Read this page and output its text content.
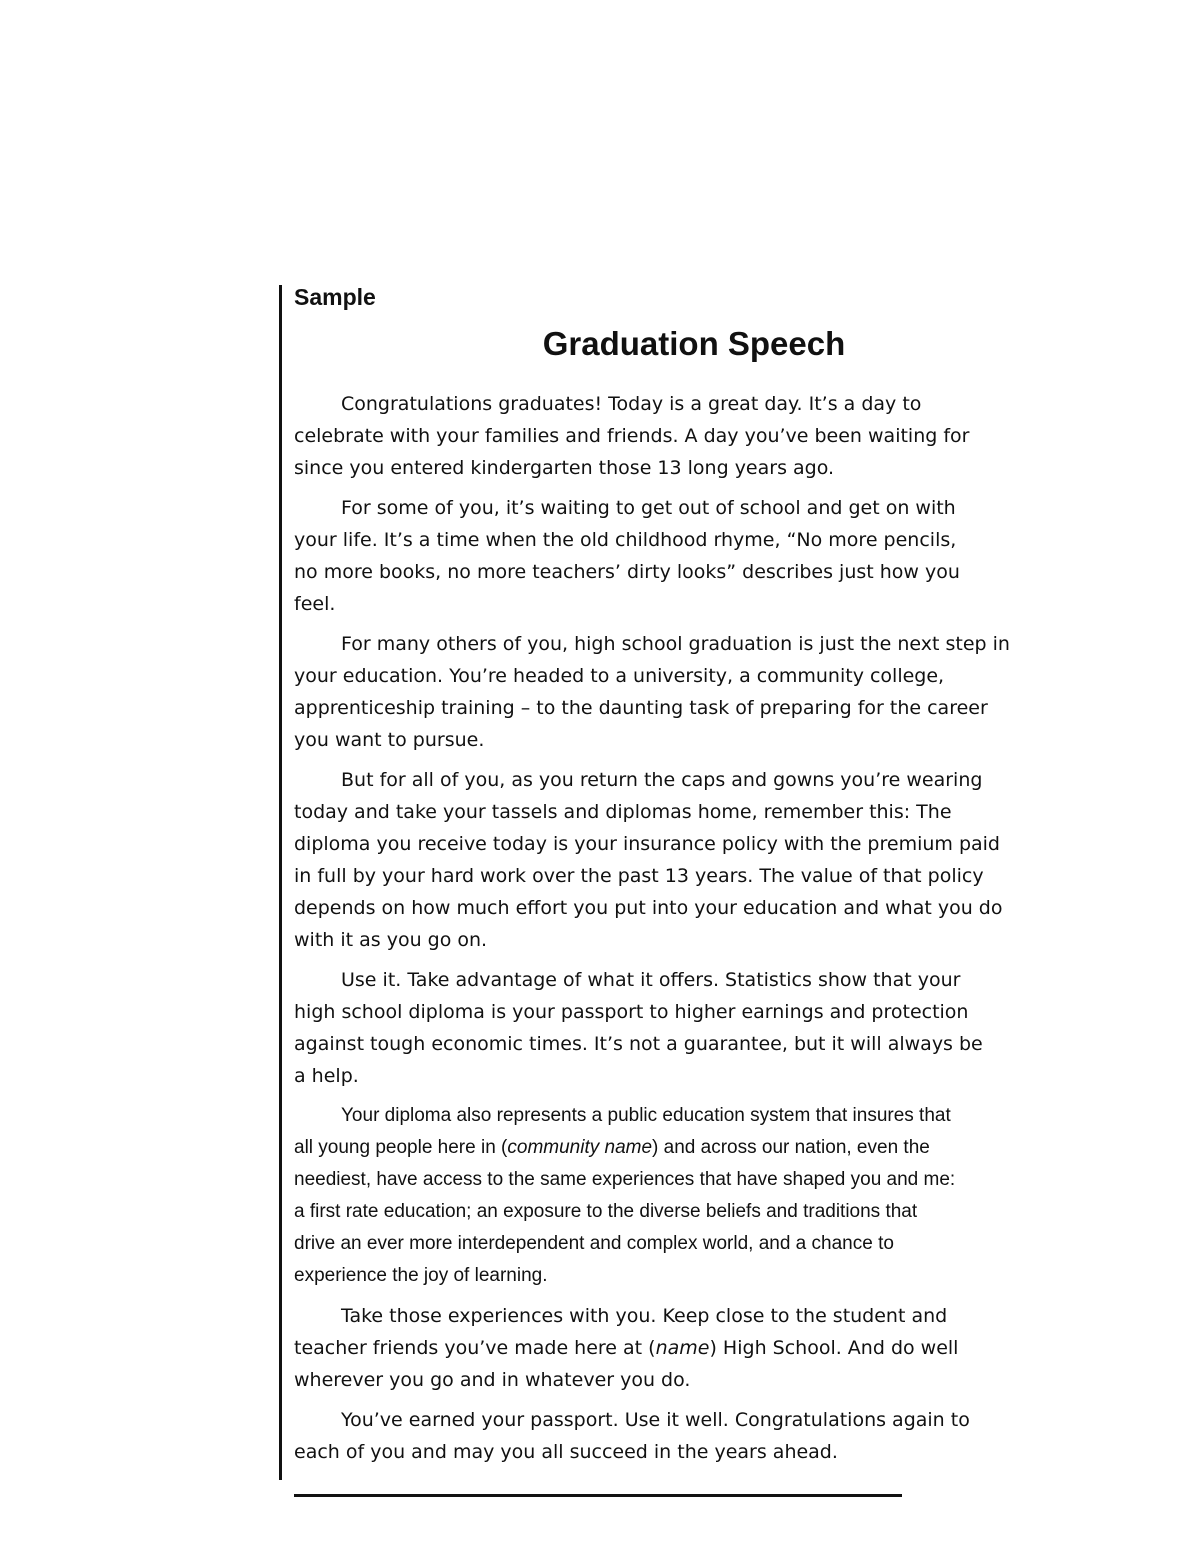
Sample

Graduation Speech

Congratulations graduates! Today is a great day. It’s a day to
celebrate with your families and friends. A day you’ve been waiting for
since you entered kindergarten those 13 long years ago.

For some of you, it’s waiting to get out of school and get on with
your life. It’s a time when the old childhood rhyme, “No more pencils,
no more books, no more teachers’ dirty looks” describes just how you
feel.

For many others of you, high school graduation is just the next step in
your education. You’re headed to a university, a community college,
apprenticeship training – to the daunting task of preparing for the career
you want to pursue.

But for all of you, as you return the caps and gowns you’re wearing
today and take your tassels and diplomas home, remember this: The
diploma you receive today is your insurance policy with the premium paid
in full by your hard work over the past 13 years. The value of that policy
depends on how much effort you put into your education and what you do
with it as you go on.

Use it. Take advantage of what it offers. Statistics show that your
high school diploma is your passport to higher earnings and protection
against tough economic times. It’s not a guarantee, but it will always be
a help.

Your diploma also represents a public education system that insures that
all young people here in (community name) and across our nation, even the
neediest, have access to the same experiences that have shaped you and me:
a first rate education; an exposure to the diverse beliefs and traditions that
drive an ever more interdependent and complex world, and a chance to
experience the joy of learning.

Take those experiences with you. Keep close to the student and
teacher friends you’ve made here at (name) High School. And do well
wherever you go and in whatever you do.

You’ve earned your passport. Use it well. Congratulations again to
each of you and may you all succeed in the years ahead.
